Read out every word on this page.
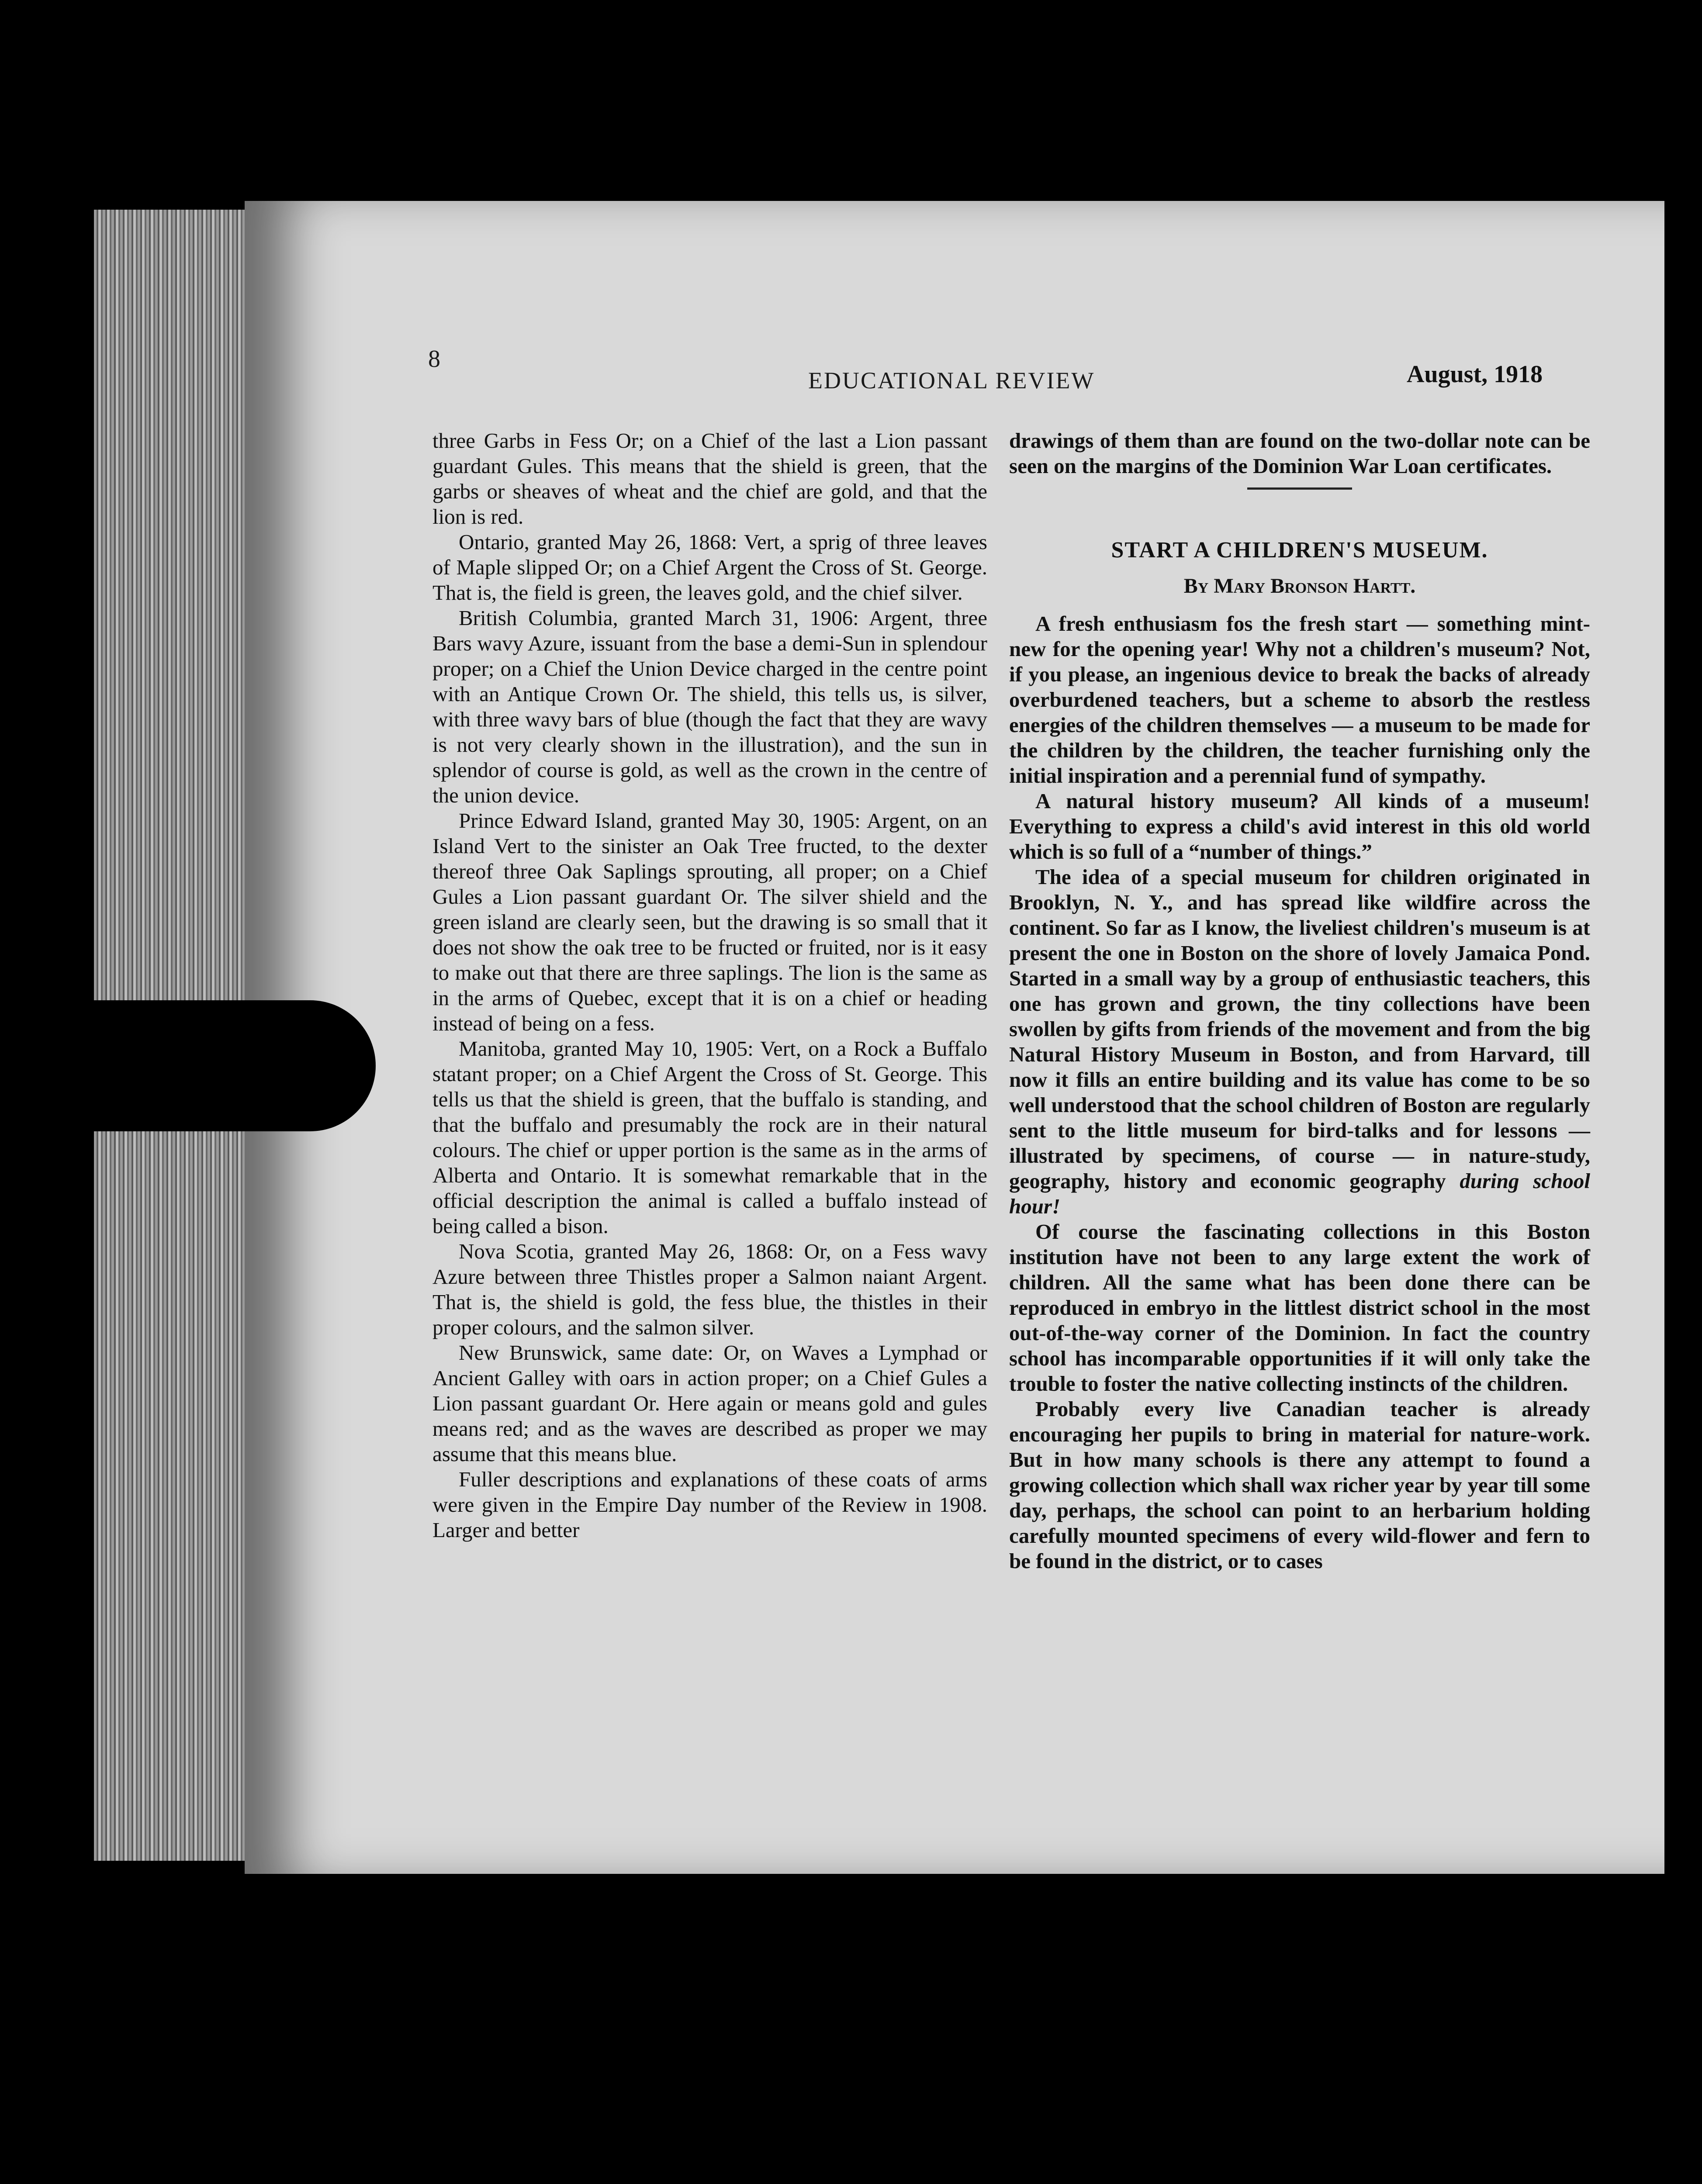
8
EDUCATIONAL REVIEW	August, 1918

three Garbs in Fess Or; on a Chief of the last a Lion passant guardant Gules. This means that the shield is green, that the garbs or sheaves of wheat and the chief are gold, and that the lion is red.

Ontario, granted May 26, 1868: Vert, a sprig of three leaves of Maple slipped Or; on a Chief Argent the Cross of St. George. That is, the field is green, the leaves gold, and the chief silver.

British Columbia, granted March 31, 1906: Argent, three Bars wavy Azure, issuant from the base a demi-Sun in splendour proper; on a Chief the Union Device charged in the centre point with an Antique Crown Or. The shield, this tells us, is silver, with three wavy bars of blue (though the fact that they are wavy is not very clearly shown in the illustration), and the sun in splendor of course is gold, as well as the crown in the centre of the union device.

Prince Edward Island, granted May 30, 1905: Argent, on an Island Vert to the sinister an Oak Tree fructed, to the dexter thereof three Oak Saplings sprouting, all proper; on a Chief Gules a Lion passant guardant Or. The silver shield and the green island are clearly seen, but the drawing is so small that it does not show the oak tree to be fructed or fruited, nor is it easy to make out that there are three saplings. The lion is the same as in the arms of Quebec, except that it is on a chief or heading instead of being on a fess.

Manitoba, granted May 10, 1905: Vert, on a Rock a Buffalo statant proper; on a Chief Argent the Cross of St. George. This tells us that the shield is green, that the buffalo is standing, and that the buffalo and presumably the rock are in their natural colours. The chief or upper portion is the same as in the arms of Alberta and Ontario. It is somewhat remarkable that in the official description the animal is called a buffalo instead of being called a bison.

Nova Scotia, granted May 26, 1868: Or, on a Fess wavy Azure between three Thistles proper a Salmon naiant Argent. That is, the shield is gold, the fess blue, the thistles in their proper colours, and the salmon silver.

New Brunswick, same date: Or, on Waves a Lymphad or Ancient Galley with oars in action proper; on a Chief Gules a Lion passant guardant Or. Here again or means gold and gules means red; and as the waves are described as proper we may assume that this means blue.

Fuller descriptions and explanations of these coats of arms were given in the Empire Day number of the Review in 1908. Larger and better

drawings of them than are found on the two-dollar note can be seen on the margins of the Dominion War Loan certificates.

START A CHILDREN'S MUSEUM.
By Mary Bronson Hartt.

A fresh enthusiasm fos the fresh start — something mint-new for the opening year! Why not a children's museum? Not, if you please, an ingenious device to break the backs of already overburdened teachers, but a scheme to absorb the restless energies of the children themselves — a museum to be made for the children by the children, the teacher furnishing only the initial inspiration and a perennial fund of sympathy.

A natural history museum? All kinds of a museum! Everything to express a child's avid interest in this old world which is so full of a “number of things.”

The idea of a special museum for children originated in Brooklyn, N. Y., and has spread like wildfire across the continent. So far as I know, the liveliest children's museum is at present the one in Boston on the shore of lovely Jamaica Pond. Started in a small way by a group of enthusiastic teachers, this one has grown and grown, the tiny collections have been swollen by gifts from friends of the movement and from the big Natural History Museum in Boston, and from Harvard, till now it fills an entire building and its value has come to be so well understood that the school children of Boston are regularly sent to the little museum for bird-talks and for lessons — illustrated by specimens, of course — in nature-study, geography, history and economic geography during school hour!

Of course the fascinating collections in this Boston institution have not been to any large extent the work of children. All the same what has been done there can be reproduced in embryo in the littlest district school in the most out-of-the-way corner of the Dominion. In fact the country school has incomparable opportunities if it will only take the trouble to foster the native collecting instincts of the children.

Probably every live Canadian teacher is already encouraging her pupils to bring in material for nature-work. But in how many schools is there any attempt to found a growing collection which shall wax richer year by year till some day, perhaps, the school can point to an herbarium holding carefully mounted specimens of every wild-flower and fern to be found in the district, or to cases
